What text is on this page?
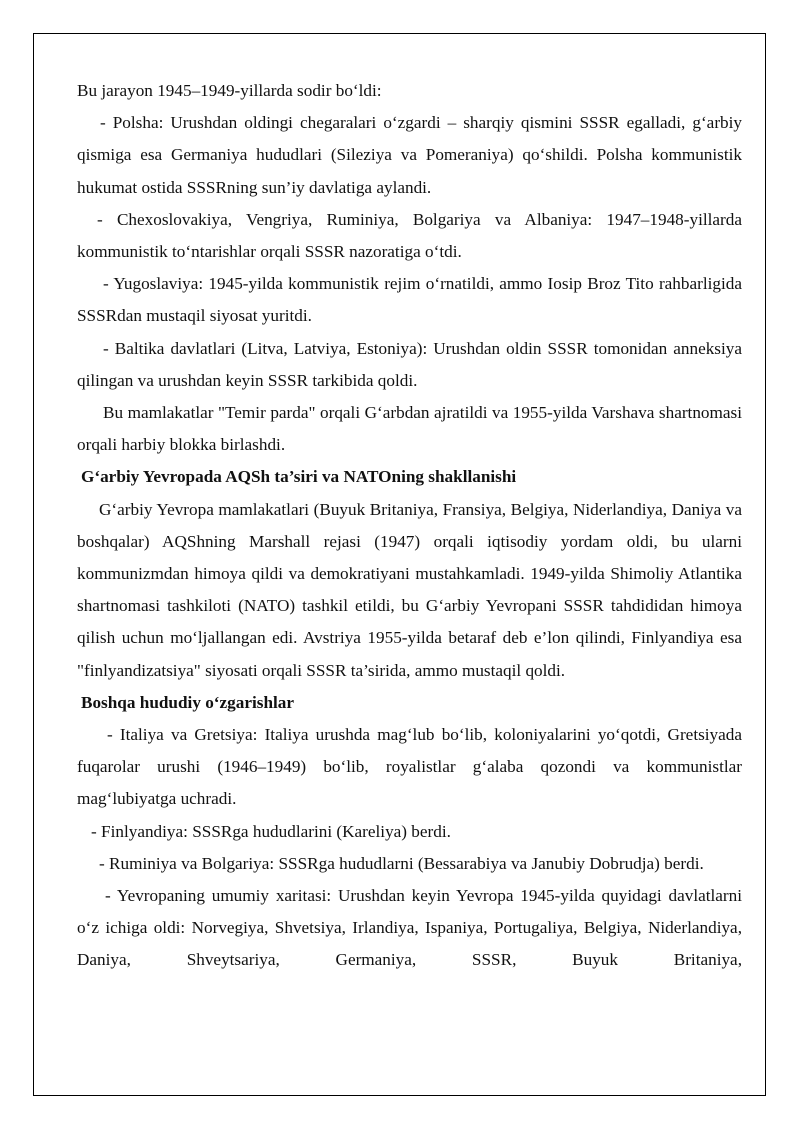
Bu jarayon 1945–1949-yillarda sodir bo‘ldi:

- Polsha: Urushdan oldingi chegaralari o‘zgardi – sharqiy qismini SSSR egalladi, g‘arbiy qismiga esa Germaniya hududlari (Sileziya va Pomeraniya) qo‘shildi. Polsha kommunistik hukumat ostida SSSRning sun’iy davlatiga aylandi.

- Chexoslovakiya, Vengriya, Ruminiya, Bolgariya va Albaniya: 1947–1948-yillarda kommunistik to‘ntarishlar orqali SSSR nazoratiga o‘tdi.

- Yugoslaviya: 1945-yilda kommunistik rejim o‘rnatildi, ammo Iosip Broz Tito rahbarligida SSSRdan mustaqil siyosat yuritdi.

- Baltika davlatlari (Litva, Latviya, Estoniya): Urushdan oldin SSSR tomonidan anneksiya qilingan va urushdan keyin SSSR tarkibida qoldi.

Bu mamlakatlar "Temir parda" orqali G‘arbdan ajratildi va 1955-yilda Varshava shartnomasi orqali harbiy blokka birlashdi.

G‘arbiy Yevropada AQSh ta’siri va NATOning shakllanishi

G‘arbiy Yevropa mamlakatlari (Buyuk Britaniya, Fransiya, Belgiya, Niderlandiya, Daniya va boshqalar) AQShning Marshall rejasi (1947) orqali iqtisodiy yordam oldi, bu ularni kommunizmdan himoya qildi va demokratiyani mustahkamladi. 1949-yilda Shimoliy Atlantika shartnomasi tashkiloti (NATO) tashkil etildi, bu G‘arbiy Yevropani SSSR tahdididan himoya qilish uchun mo‘ljallangan edi. Avstriya 1955-yilda betaraf deb e’lon qilindi, Finlyandiya esa "finlyandizatsiya" siyosati orqali SSSR ta’sirida, ammo mustaqil qoldi.

Boshqa hududiy o‘zgarishlar

- Italiya va Gretsiya: Italiya urushda mag‘lub bo‘lib, koloniyalarini yo‘qotdi, Gretsiyada fuqarolar urushi (1946–1949) bo‘lib, royalistlar g‘alaba qozondi va kommunistlar mag‘lubiyatga uchradi.

- Finlyandiya: SSSRga hududlarini (Kareliya) berdi.

- Ruminiya va Bolgariya: SSSRga hududlarni (Bessarabiya va Janubiy Dobrudja) berdi.

- Yevropaning umumiy xaritasi: Urushdan keyin Yevropa 1945-yilda quyidagi davlatlarni o‘z ichiga oldi: Norvegiya, Shvetsiya, Irlandiya, Ispaniya, Portugaliya, Belgiya, Niderlandiya, Daniya, Shveytsariya, Germaniya, SSSR, Buyuk Britaniya,
